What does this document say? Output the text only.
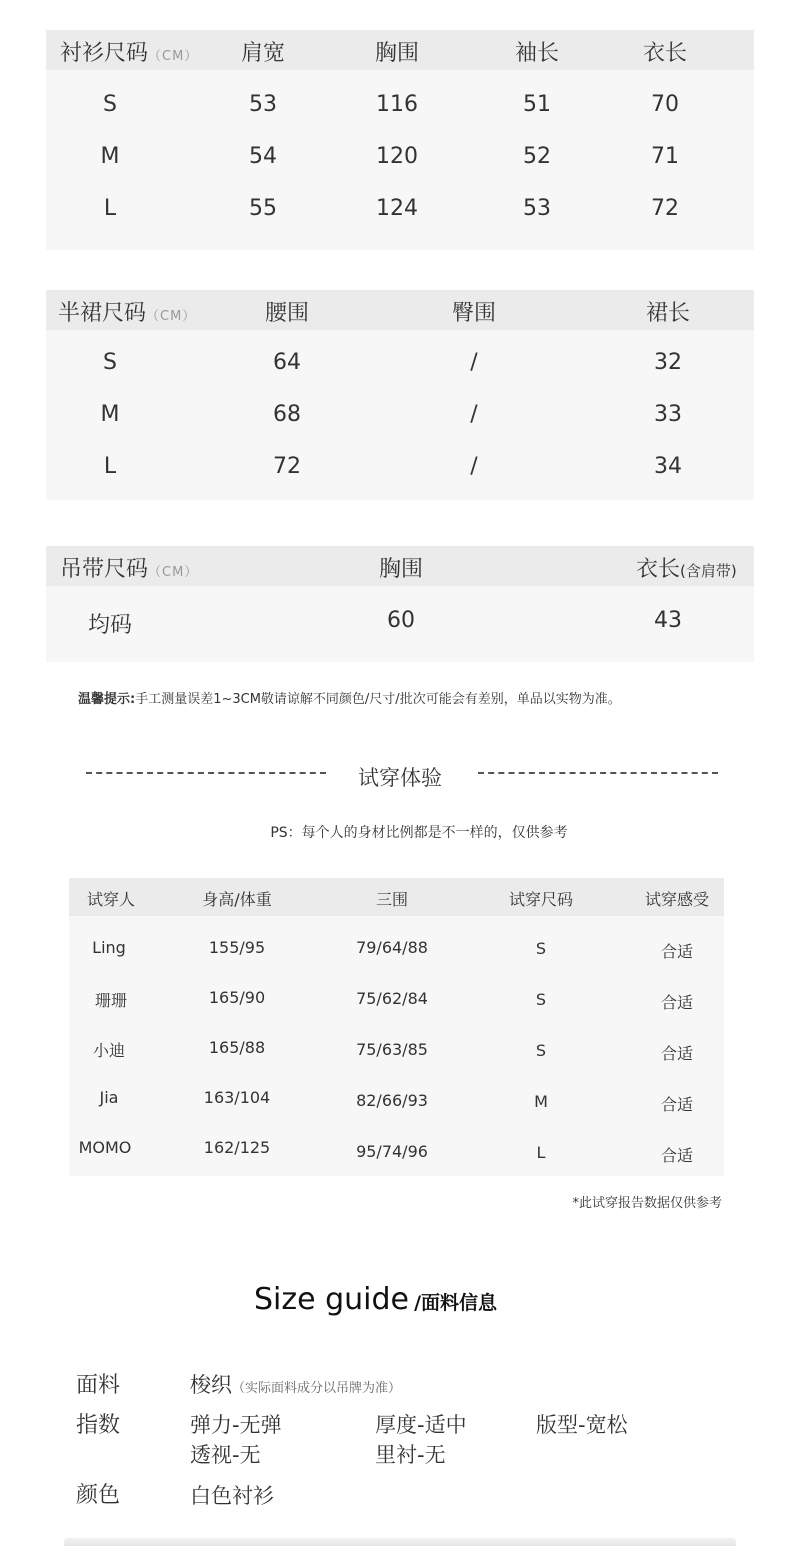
衬衫尺码（CM） 肩宽	胸围	袖长	衣长
S	53	116	51	70
M	54	120	52	71
L	55	124	53	72
半裙尺码（CM）	腰围	臀围	裙长
S	64	/	32
M	68	/	33
L	72	/	34
吊带尺码（CM）	胸围	衣长(含肩带)
均码	60	43
温馨提示:手工测量误差1~3CM敬请谅解不同颜色/尺寸/批次可能会有差别，单品以实物为准。
试穿体验
PS：每个人的身材比例都是不一样的，仅供参考
试穿人	身高/体重	三围	试穿尺码	试穿感受
Ling	155/95	79/64/88	S	合适
珊珊	165/90	75/62/84	S	合适
小迪	165/88	75/63/85	S	合适
Jia	163/104	82/66/93	M	合适
MOMO	162/125	95/74/96	L	合适
*此试穿报告数据仅供参考
Size guide /面料信息
面料	梭织（实际面料成分以吊牌为准）
指数	弹力-无弹	厚度-适中	版型-宽松
透视-无	里衬-无
颜色	白色衬衫
